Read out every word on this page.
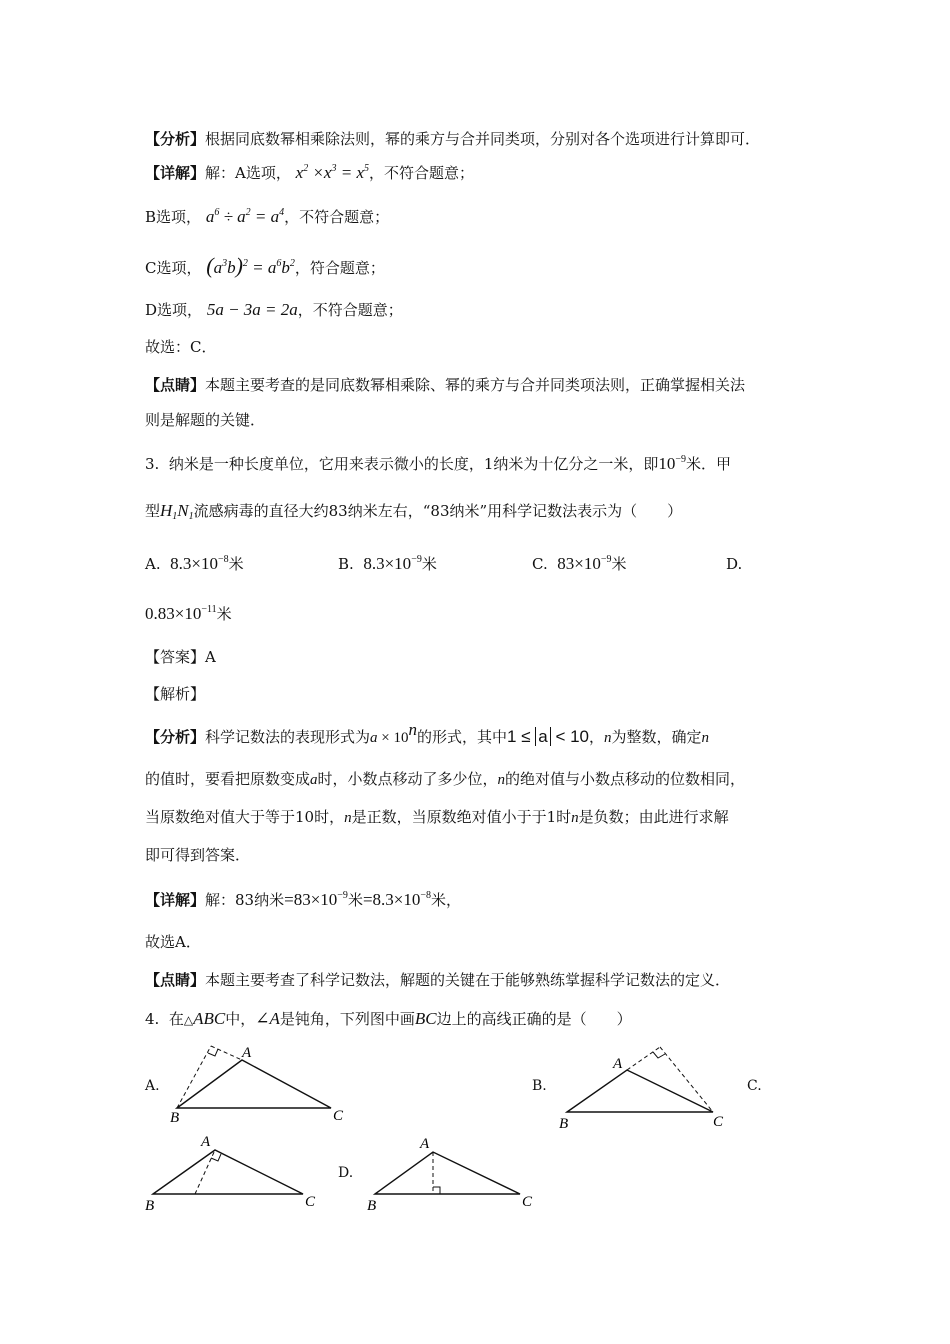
【分析】根据同底数幂相乘除法则，幂的乘方与合并同类项，分别对各个选项进行计算即可．
【详解】解：A选项， $x^2 \times x^3 = x^5$，不符合题意；
B选项， $a^6 \div a^2 = a^4$，不符合题意；
C选项， $(a^3b)^2 = a^6b^2$，符合题意；
D选项， 5a − 3a = 2a，不符合题意；
故选：C．
【点睛】本题主要考查的是同底数幂相乘除、幂的乘方与合并同类项法则，正确掌握相关法
则是解题的关键．
3. 纳米是一种长度单位，它用来表示微小的长度，1纳米为十亿分之一米，即$10^{-9}$米．甲
型$H_1N_1$流感病毒的直径大约83纳米左右，“83纳米”用科学记数法表示为（　　）
A. $8.3\times 10^{-8}$米	B. $8.3\times 10^{-9}$米	C. $83\times 10^{-9}$米	D.
$0.83\times 10^{-11}$米
【答案】A
【解析】
【分析】科学记数法的表现形式为$a \times 10^n$的形式，其中1 ≤ a < 10，n为整数，确定n
的值时，要看把原数变成a时，小数点移动了多少位，n的绝对值与小数点移动的位数相同，
当原数绝对值大于等于10时，n是正数，当原数绝对值小于于1时n是负数；由此进行求解
即可得到答案．
【详解】解：83纳米$=83\times 10^{-9}$米$=8.3\times 10^{-8}$米，
故选A．
【点睛】本题主要考查了科学记数法，解题的关键在于能够熟练掌握科学记数法的定义．
4. 在△ABC中，∠A是钝角，下列图中画BC边上的高线正确的是（　　）
A.	B.	C.
D.
A
B	C
A
B	C
A
B	C
A
B	C
